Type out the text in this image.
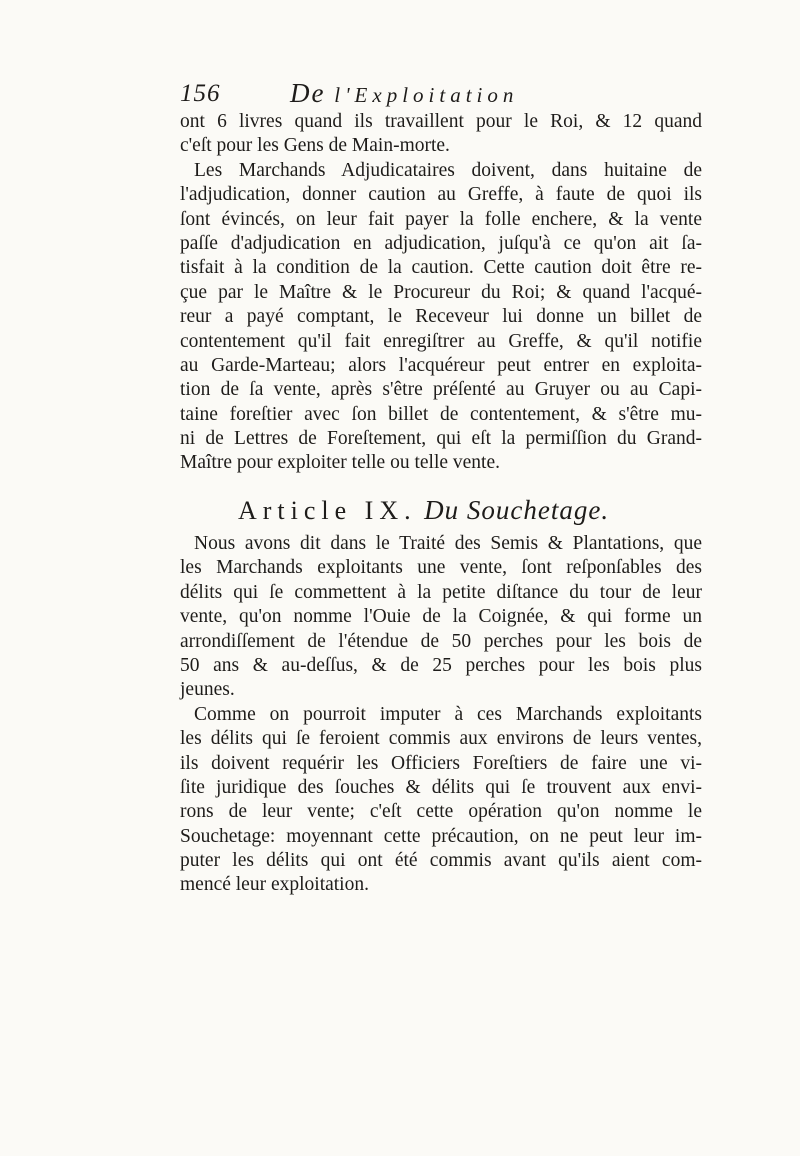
156	De l'Exploitation
ont 6 livres quand ils travaillent pour le Roi, & 12 quand
c'eſt pour les Gens de Main-morte.
Les Marchands Adjudicataires doivent, dans huitaine de
l'adjudication, donner caution au Greffe, à faute de quoi ils
ſont évincés, on leur fait payer la folle enchere, & la vente
paſſe d'adjudication en adjudication, juſqu'à ce qu'on ait ſa-
tisfait à la condition de la caution. Cette caution doit être re-
çue par le Maître & le Procureur du Roi; & quand l'acqué-
reur a payé comptant, le Receveur lui donne un billet de
contentement qu'il fait enregiſtrer au Greffe, & qu'il notifie
au Garde-Marteau; alors l'acquéreur peut entrer en exploita-
tion de ſa vente, après s'être préſenté au Gruyer ou au Capi-
taine foreſtier avec ſon billet de contentement, & s'être mu-
ni de Lettres de Foreſtement, qui eſt la permiſſion du Grand-
Maître pour exploiter telle ou telle vente.
Article IX. Du Souchetage.
Nous avons dit dans le Traité des Semis & Plantations, que
les Marchands exploitants une vente, ſont reſponſables des
délits qui ſe commettent à la petite diſtance du tour de leur
vente, qu'on nomme l'Ouie de la Coignée, & qui forme un
arrondiſſement de l'étendue de 50 perches pour les bois de
50 ans & au-deſſus, & de 25 perches pour les bois plus
jeunes.
Comme on pourroit imputer à ces Marchands exploitants
les délits qui ſe feroient commis aux environs de leurs ventes,
ils doivent requérir les Officiers Foreſtiers de faire une vi-
ſite juridique des ſouches & délits qui ſe trouvent aux envi-
rons de leur vente; c'eſt cette opération qu'on nomme le
Souchetage: moyennant cette précaution, on ne peut leur im-
puter les délits qui ont été commis avant qu'ils aient com-
mencé leur exploitation.
